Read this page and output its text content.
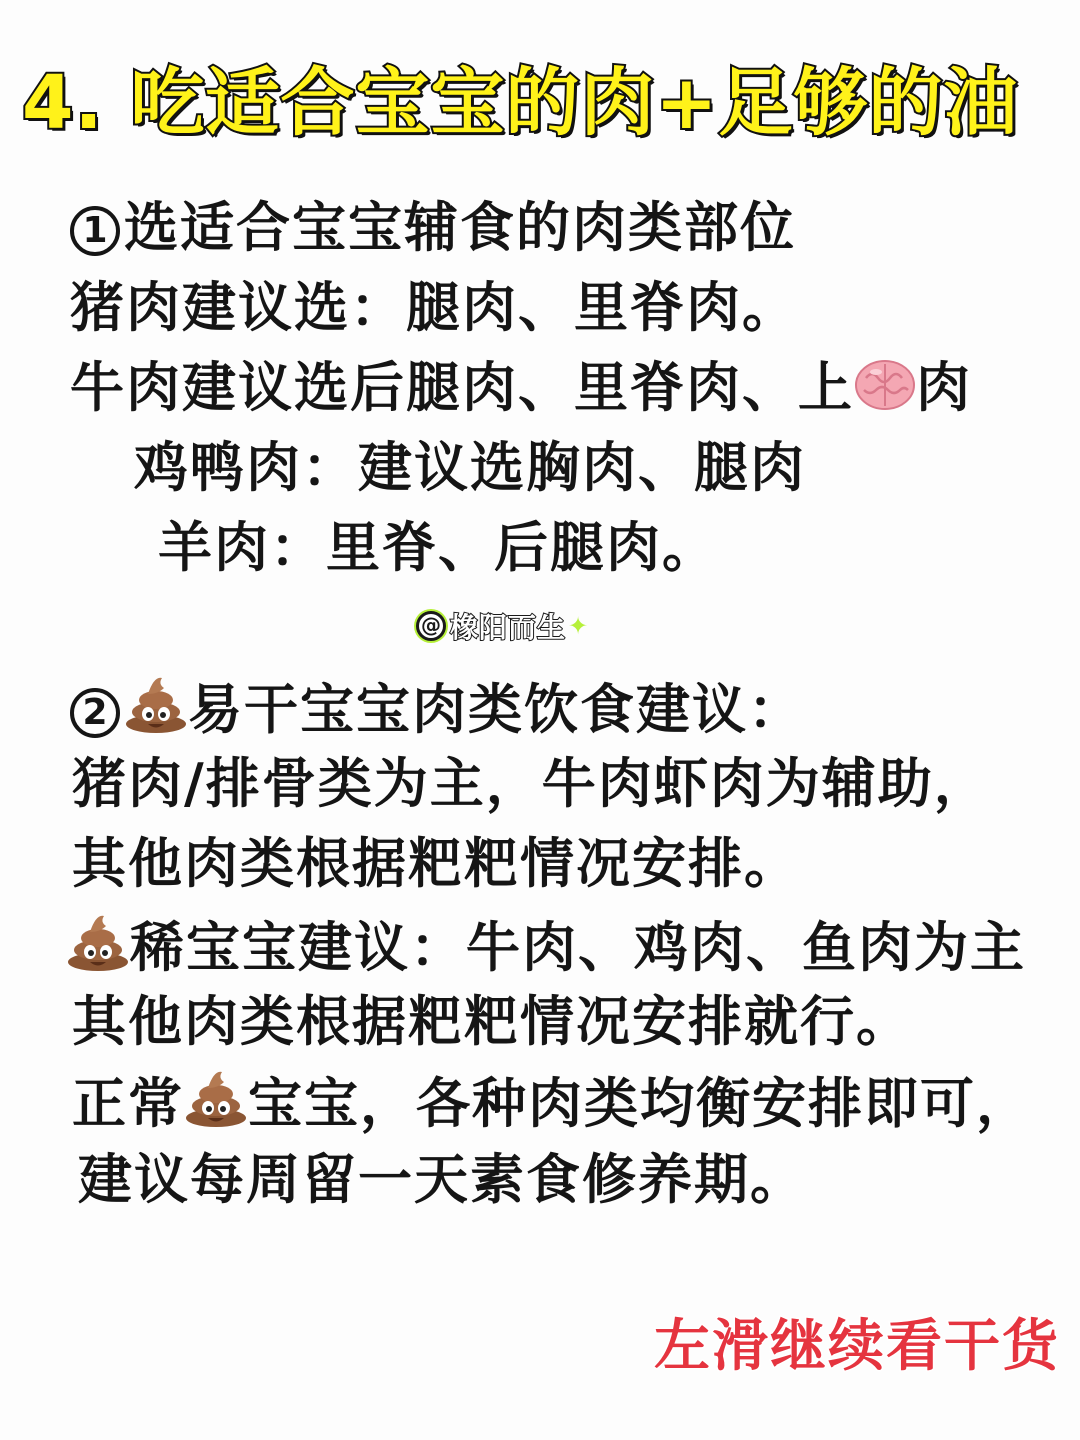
4. 吃适合宝宝的肉+足够的油
1 选适合宝宝辅食的肉类部位
猪肉建议选：腿肉、里脊肉。
牛肉建议选后腿肉、里脊肉、上 肉
鸡鸭肉：建议选胸肉、腿肉
羊肉：里脊、后腿肉。
@ 橡阳而生 ✦
2 易干宝宝肉类饮食建议：
猪肉/排骨类为主，牛肉虾肉为辅助，
其他肉类根据粑粑情况安排。
稀宝宝建议：牛肉、鸡肉、鱼肉为主
其他肉类根据粑粑情况安排就行。
正常 宝宝，各种肉类均衡安排即可，
建议每周留一天素食修养期。
左滑继续看干货
